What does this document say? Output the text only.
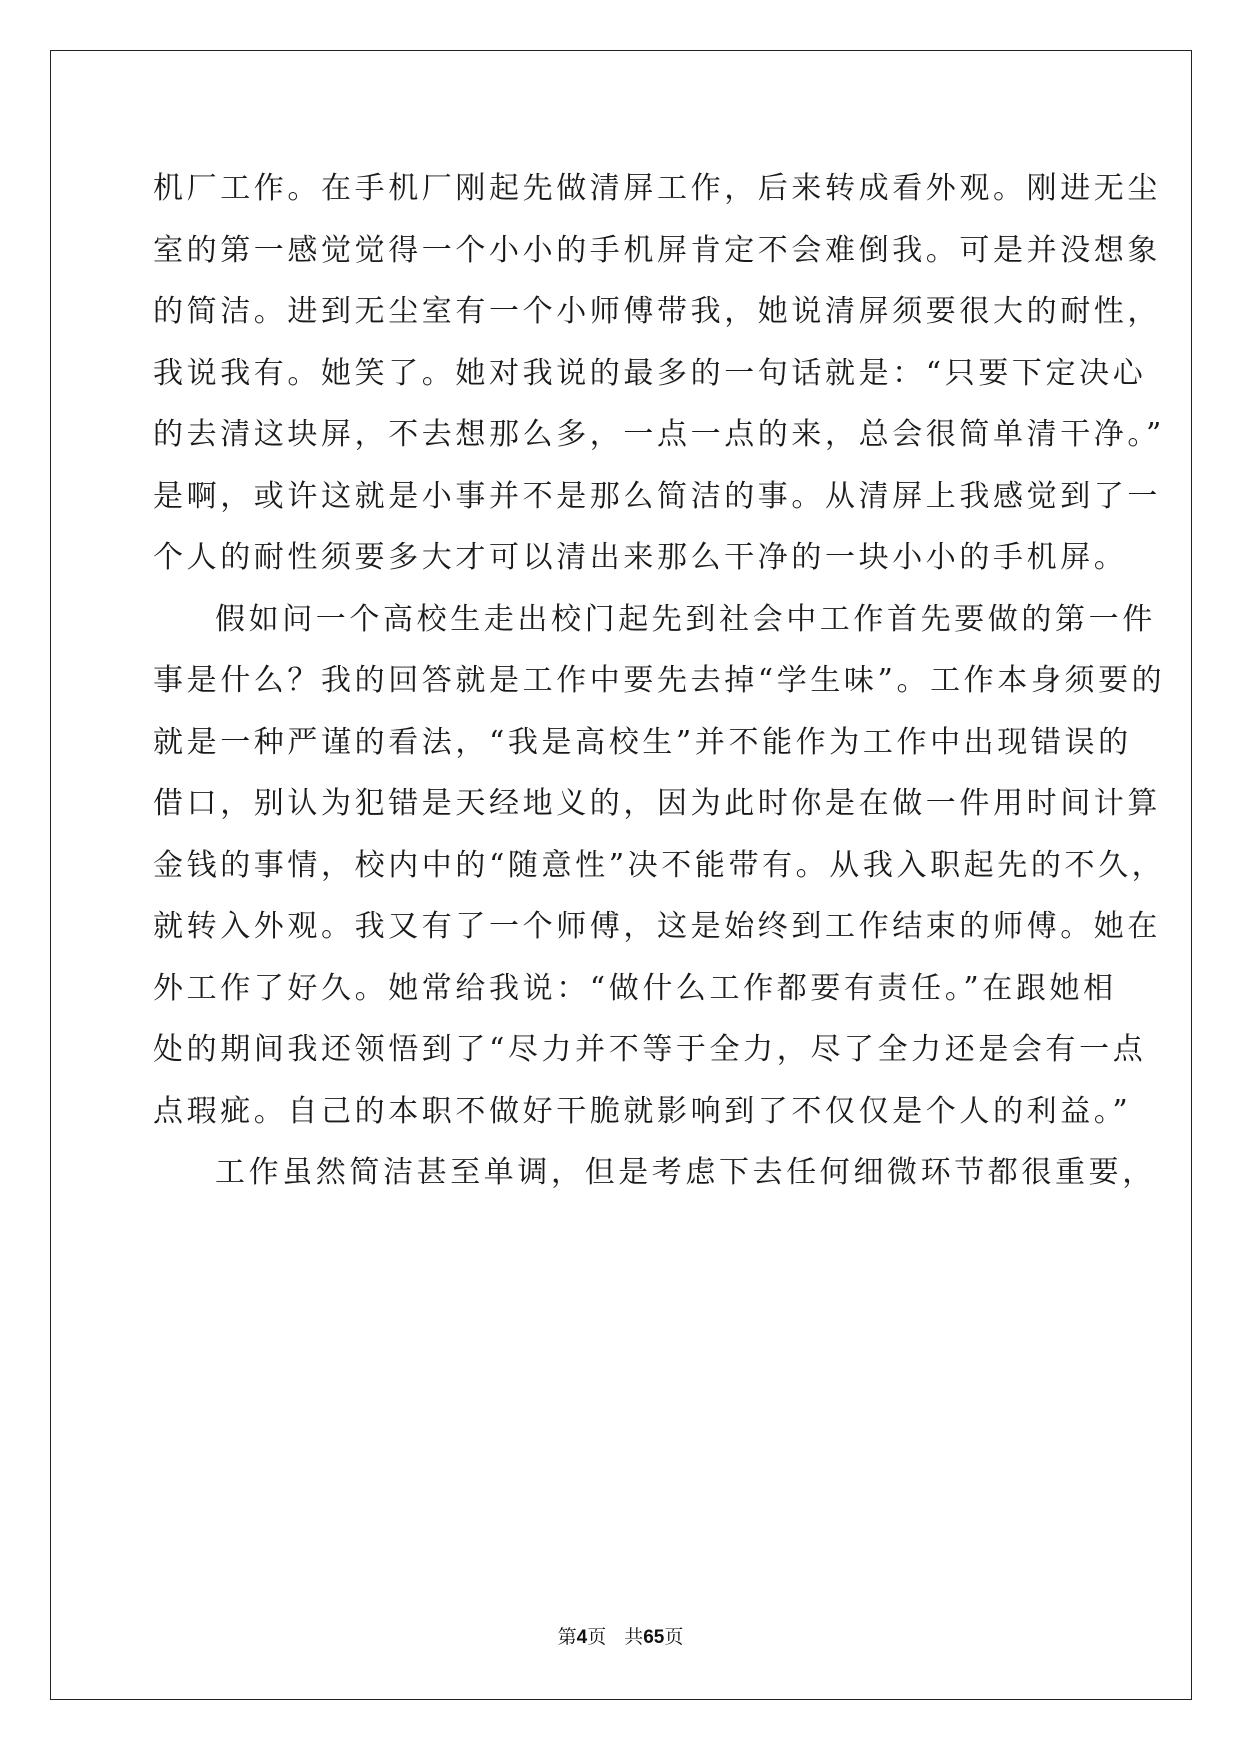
机厂工作。在手机厂刚起先做清屏工作，后来转成看外观。刚进无尘

室的第一感觉觉得一个小小的手机屏肯定不会难倒我。可是并没想象

的简洁。进到无尘室有一个小师傅带我，她说清屏须要很大的耐性，

我说我有。她笑了。她对我说的最多的一句话就是：“只要下定决心

的去清这块屏，不去想那么多，一点一点的来，总会很简单清干净。”

是啊，或许这就是小事并不是那么简洁的事。从清屏上我感觉到了一

个人的耐性须要多大才可以清出来那么干净的一块小小的手机屏。

假如问一个高校生走出校门起先到社会中工作首先要做的第一件

事是什么？我的回答就是工作中要先去掉“学生味”。工作本身须要的

就是一种严谨的看法，“我是高校生”并不能作为工作中出现错误的

借口，别认为犯错是天经地义的，因为此时你是在做一件用时间计算

金钱的事情，校内中的“随意性”决不能带有。从我入职起先的不久，

就转入外观。我又有了一个师傅，这是始终到工作结束的师傅。她在

外工作了好久。她常给我说：“做什么工作都要有责任。”在跟她相

处的期间我还领悟到了“尽力并不等于全力，尽了全力还是会有一点

点瑕疵。自己的本职不做好干脆就影响到了不仅仅是个人的利益。”

工作虽然简洁甚至单调，但是考虑下去任何细微环节都很重要，

第4页 共65页
